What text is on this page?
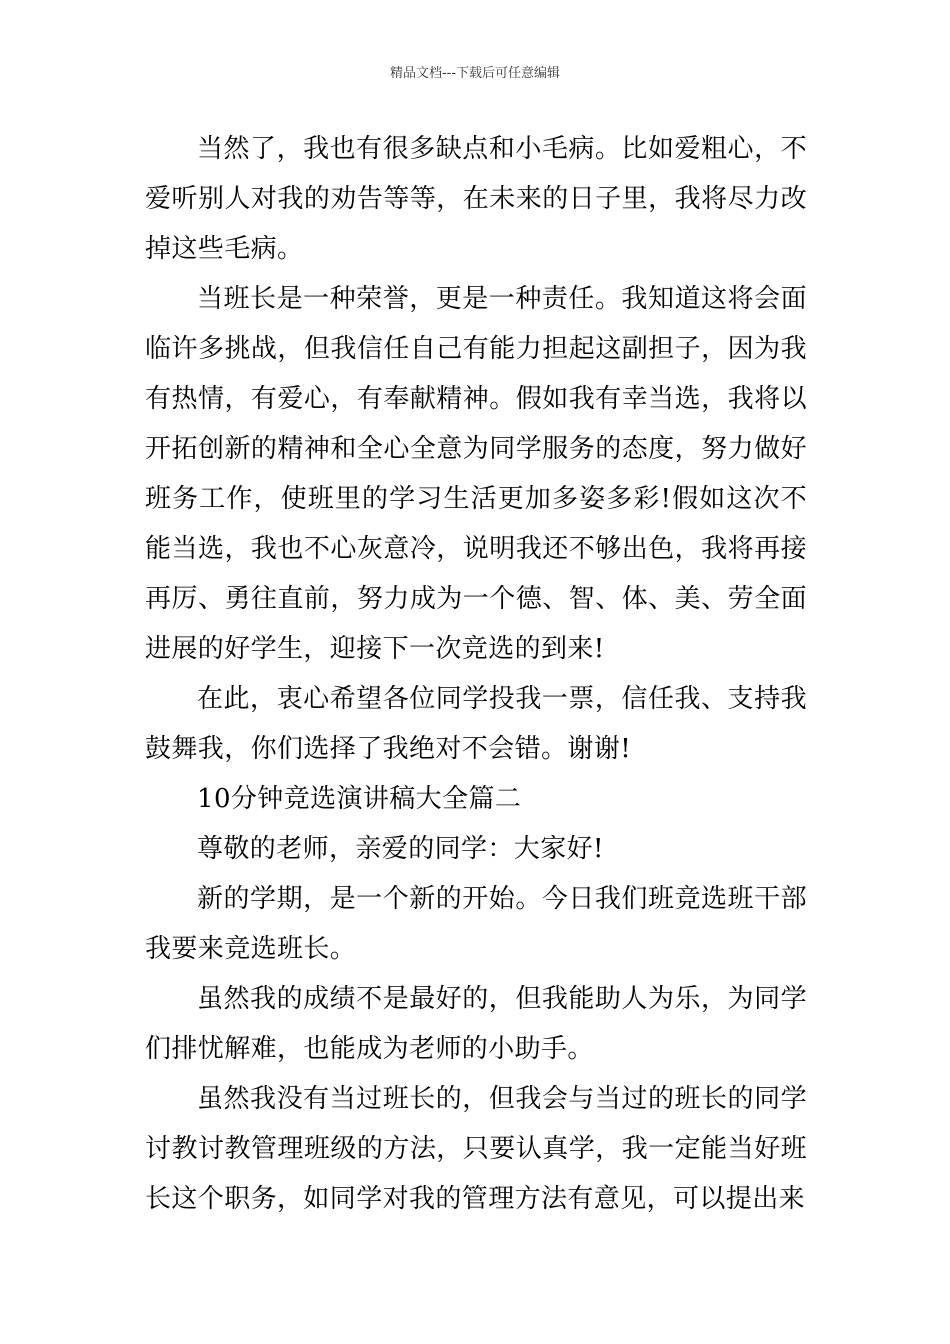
精品文档---下载后可任意编辑

当然了，我也有很多缺点和小毛病。比如爱粗心，不爱听别人对我的劝告等等，在未来的日子里，我将尽力改掉这些毛病。

当班长是一种荣誉，更是一种责任。我知道这将会面临许多挑战，但我信任自己有能力担起这副担子，因为我有热情，有爱心，有奉献精神。假如我有幸当选，我将以开拓创新的精神和全心全意为同学服务的态度，努力做好班务工作，使班里的学习生活更加多姿多彩!假如这次不能当选，我也不心灰意冷，说明我还不够出色，我将再接再厉、勇往直前，努力成为一个德、智、体、美、劳全面进展的好学生，迎接下一次竞选的到来!

在此，衷心希望各位同学投我一票，信任我、支持我鼓舞我，你们选择了我绝对不会错。谢谢!

10分钟竞选演讲稿大全篇二

尊敬的老师，亲爱的同学：大家好!

新的学期，是一个新的开始。今日我们班竞选班干部我要来竞选班长。

虽然我的成绩不是最好的，但我能助人为乐，为同学们排忧解难，也能成为老师的小助手。

虽然我没有当过班长的，但我会与当过的班长的同学讨教讨教管理班级的方法，只要认真学，我一定能当好班长这个职务，如同学对我的管理方法有意见，可以提出来
